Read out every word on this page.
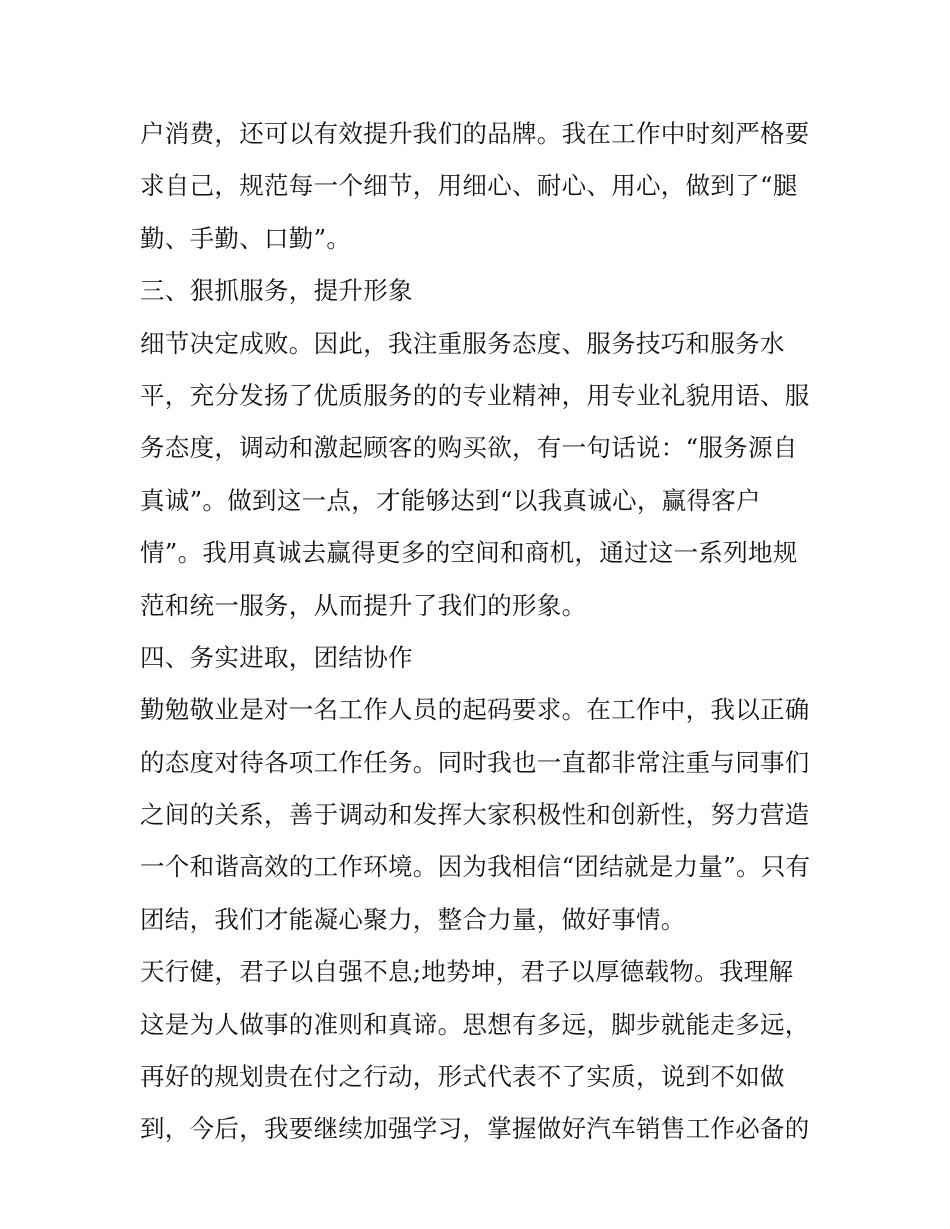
户消费，还可以有效提升我们的品牌。我在工作中时刻严格要
求自己，规范每一个细节，用细心、耐心、用心，做到了“腿
勤、手勤、口勤”。
三、狠抓服务，提升形象
细节决定成败。因此，我注重服务态度、服务技巧和服务水
平，充分发扬了优质服务的的专业精神，用专业礼貌用语、服
务态度，调动和激起顾客的购买欲，有一句话说：“服务源自
真诚”。做到这一点，才能够达到“以我真诚心，赢得客户
情”。我用真诚去赢得更多的空间和商机，通过这一系列地规
范和统一服务，从而提升了我们的形象。
四、务实进取，团结协作
勤勉敬业是对一名工作人员的起码要求。在工作中，我以正确
的态度对待各项工作任务。同时我也一直都非常注重与同事们
之间的关系，善于调动和发挥大家积极性和创新性，努力营造
一个和谐高效的工作环境。因为我相信“团结就是力量”。只有
团结，我们才能凝心聚力，整合力量，做好事情。
天行健，君子以自强不息;地势坤，君子以厚德载物。我理解
这是为人做事的准则和真谛。思想有多远，脚步就能走多远，
再好的规划贵在付之行动，形式代表不了实质，说到不如做
到，今后，我要继续加强学习，掌握做好汽车销售工作必备的
